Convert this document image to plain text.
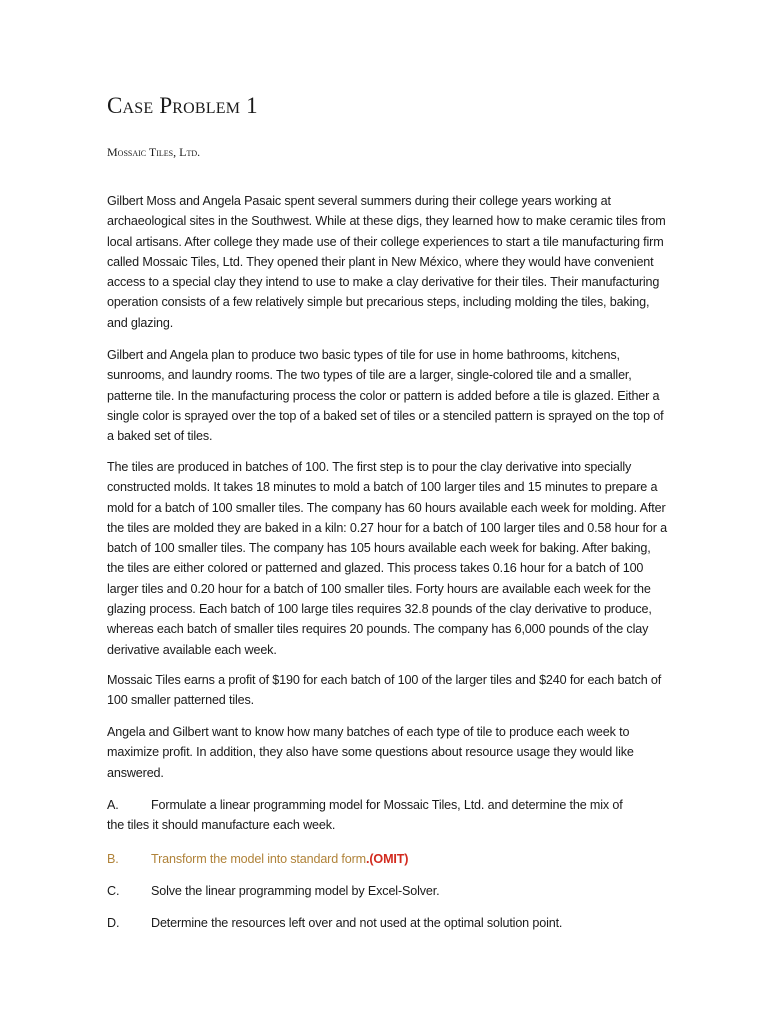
Case Problem 1
Mossaic Tiles, Ltd.

Gilbert Moss and Angela Pasaic spent several summers during their college years working at archaeological sites in the Southwest. While at these digs, they learned how to make ceramic tiles from local artisans. After college they made use of their college experiences to start a tile manufacturing firm called Mossaic Tiles, Ltd. They opened their plant in New México, where they would have convenient access to a special clay they intend to use to make a clay derivative for their tiles. Their manufacturing operation consists of a few relatively simple but precarious steps, including molding the tiles, baking, and glazing.

Gilbert and Angela plan to produce two basic types of tile for use in home bathrooms, kitchens, sunrooms, and laundry rooms. The two types of tile are a larger, single-colored tile and a smaller, patterne tile. In the manufacturing process the color or pattern is added before a tile is glazed. Either a single color is sprayed over the top of a baked set of tiles or a stenciled pattern is sprayed on the top of a baked set of tiles.

The tiles are produced in batches of 100. The first step is to pour the clay derivative into specially constructed molds. It takes 18 minutes to mold a batch of 100 larger tiles and 15 minutes to prepare a mold for a batch of 100 smaller tiles. The company has 60 hours available each week for molding. After the tiles are molded they are baked in a kiln: 0.27 hour for a batch of 100 larger tiles and 0.58 hour for a batch of 100 smaller tiles. The company has 105 hours available each week for baking. After baking, the tiles are either colored or patterned and glazed. This process takes 0.16 hour for a batch of 100 larger tiles and 0.20 hour for a batch of 100 smaller tiles. Forty hours are available each week for the glazing process. Each batch of 100 large tiles requires 32.8 pounds of the clay derivative to produce, whereas each batch of smaller tiles requires 20 pounds. The company has 6,000 pounds of the clay derivative available each week.

Mossaic Tiles earns a profit of $190 for each batch of 100 of the larger tiles and $240 for each batch of 100 smaller patterned tiles.

Angela and Gilbert want to know how many batches of each type of tile to produce each week to maximize profit. In addition, they also have some questions about resource usage they would like answered.

A.	Formulate a linear programming model for Mossaic Tiles, Ltd. and determine the mix of
the tiles it should manufacture each week.
B.	Transform the model into standard form.(OMIT)
C.	Solve the linear programming model by Excel-Solver.
D.	Determine the resources left over and not used at the optimal solution point.
